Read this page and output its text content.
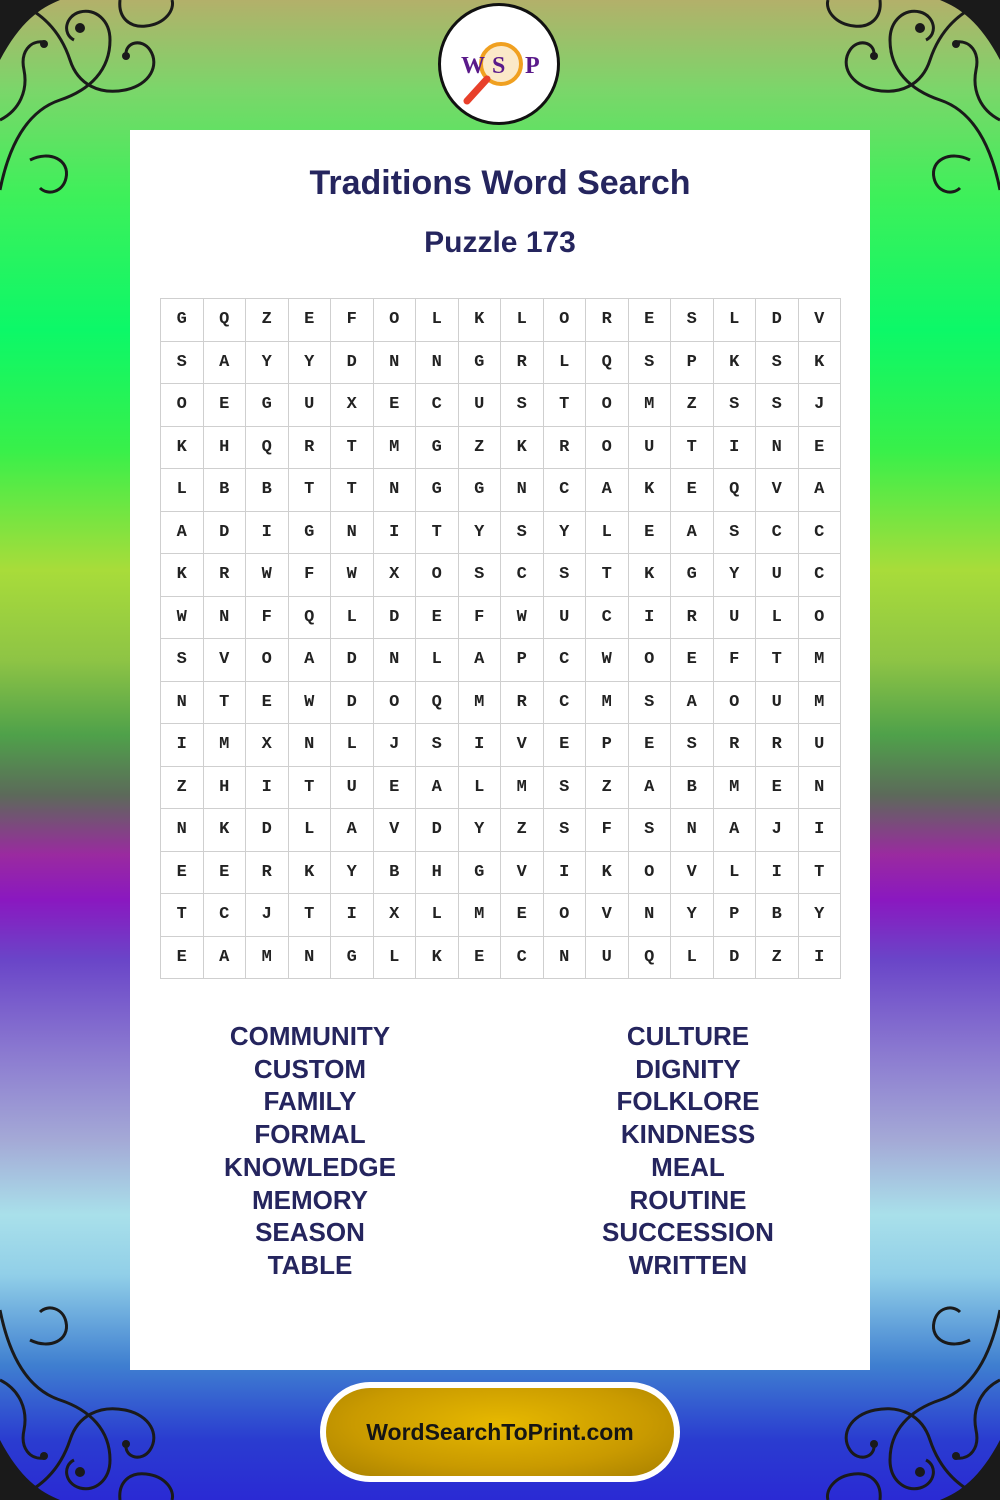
W S P
Traditions Word Search
Puzzle 173
G	Q	Z	E	F	O	L	K	L	O	R	E	S	L	D	V
S	A	Y	Y	D	N	N	G	R	L	Q	S	P	K	S	K
O	E	G	U	X	E	C	U	S	T	O	M	Z	S	S	J
K	H	Q	R	T	M	G	Z	K	R	O	U	T	I	N	E
L	B	B	T	T	N	G	G	N	C	A	K	E	Q	V	A
A	D	I	G	N	I	T	Y	S	Y	L	E	A	S	C	C
K	R	W	F	W	X	O	S	C	S	T	K	G	Y	U	C
W	N	F	Q	L	D	E	F	W	U	C	I	R	U	L	O
S	V	O	A	D	N	L	A	P	C	W	O	E	F	T	M
N	T	E	W	D	O	Q	M	R	C	M	S	A	O	U	M
I	M	X	N	L	J	S	I	V	E	P	E	S	R	R	U
Z	H	I	T	U	E	A	L	M	S	Z	A	B	M	E	N
N	K	D	L	A	V	D	Y	Z	S	F	S	N	A	J	I
E	E	R	K	Y	B	H	G	V	I	K	O	V	L	I	T
T	C	J	T	I	X	L	M	E	O	V	N	Y	P	B	Y
E	A	M	N	G	L	K	E	C	N	U	Q	L	D	Z	I
COMMUNITY
CUSTOM
FAMILY
FORMAL
KNOWLEDGE
MEMORY
SEASON
TABLE
CULTURE
DIGNITY
FOLKLORE
KINDNESS
MEAL
ROUTINE
SUCCESSION
WRITTEN
WordSearchToPrint.com
